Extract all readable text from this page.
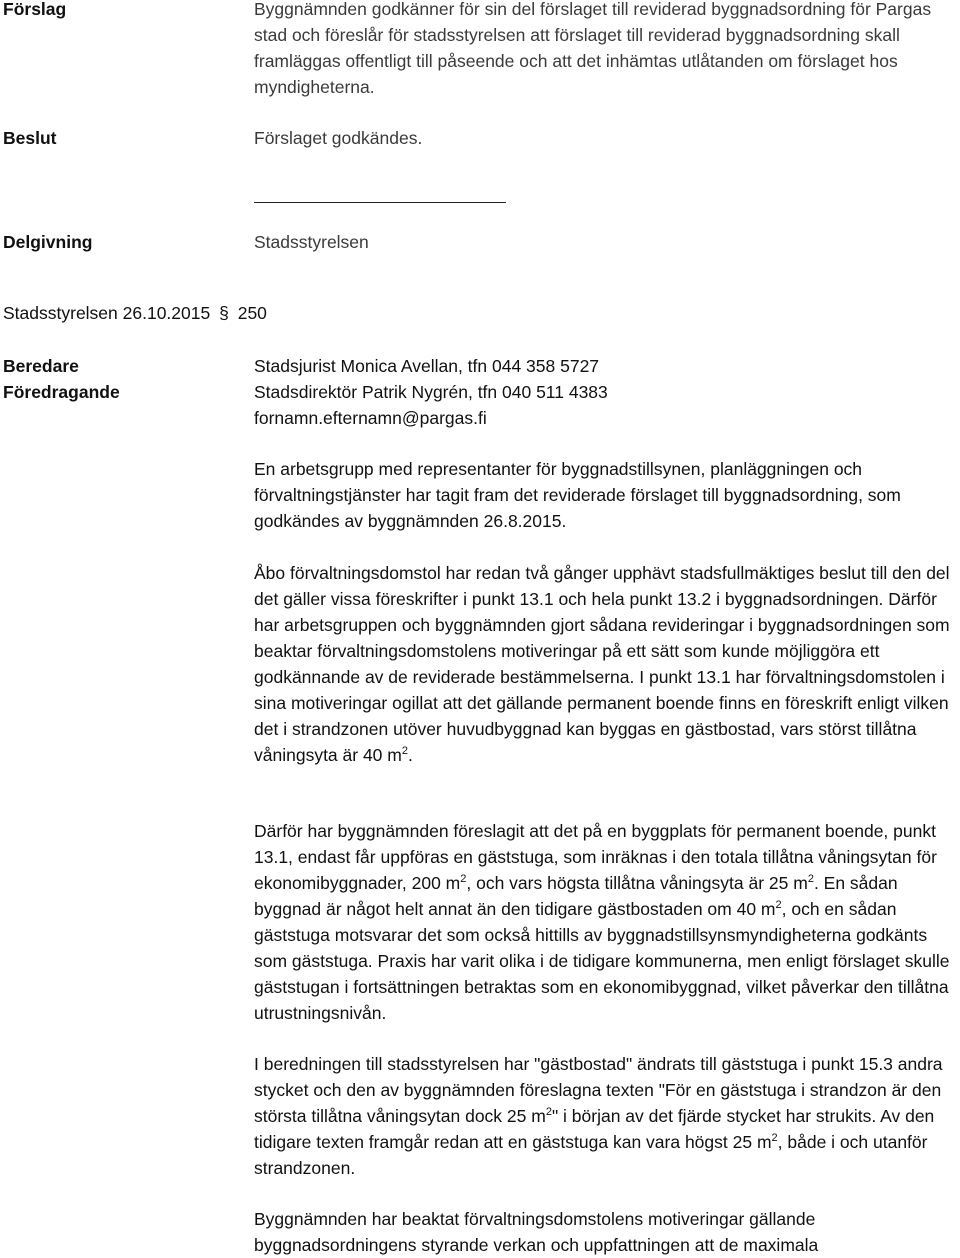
Förslag	Byggnämnden godkänner för sin del förslaget till reviderad byggnadsordning för Pargas stad och föreslår för stadsstyrelsen att förslaget till reviderad byggnadsordning skall framläggas offentligt till påseende och att det inhämtas utlåtanden om förslaget hos myndigheterna.
Beslut	Förslaget godkändes.
Delgivning	Stadsstyrelsen
Stadsstyrelsen 26.10.2015 § 250
Beredare	Stadsjurist Monica Avellan, tfn 044 358 5727
Föredragande	Stadsdirektör Patrik Nygrén, tfn 040 511 4383
fornamn.efternamn@pargas.fi
En arbetsgrupp med representanter för byggnadstillsynen, planläggningen och förvaltningstjänster har tagit fram det reviderade förslaget till byggnadsordning, som godkändes av byggnämnden 26.8.2015.
Åbo förvaltningsdomstol har redan två gånger upphävt stadsfullmäktiges beslut till den del det gäller vissa föreskrifter i punkt 13.1 och hela punkt 13.2 i byggnadsordningen. Därför har arbetsgruppen och byggnämnden gjort sådana revideringar i byggnadsordningen som beaktar förvaltningsdomstolens motiveringar på ett sätt som kunde möjliggöra ett godkännande av de reviderade bestämmelserna. I punkt 13.1 har förvaltningsdomstolen i sina motiveringar ogillat att det gällande permanent boende finns en föreskrift enligt vilken det i strandzonen utöver huvudbyggnad kan byggas en gästbostad, vars störst tillåtna våningsyta är 40 $m^2$.
Därför har byggnämnden föreslagit att det på en byggplats för permanent boende, punkt 13.1, endast får uppföras en gäststuga, som inräknas i den totala tillåtna våningsytan för ekonomibyggnader, 200 $m^2$, och vars högsta tillåtna våningsyta är 25 $m^2$. En sådan byggnad är något helt annat än den tidigare gästbostaden om 40 $m^2$, och en sådan gäststuga motsvarar det som också hittills av byggnadstillsynsmyndigheterna godkänts som gäststuga. Praxis har varit olika i de tidigare kommunerna, men enligt förslaget skulle gäststugan i fortsättningen betraktas som en ekonomibyggnad, vilket påverkar den tillåtna utrustningsnivån.
I beredningen till stadsstyrelsen har "gästbostad" ändrats till gäststuga i punkt 15.3 andra stycket och den av byggnämnden föreslagna texten "För en gäststuga i strandzon är den största tillåtna våningsytan dock 25 $m^2$" i början av det fjärde stycket har strukits. Av den tidigare texten framgår redan att en gäststuga kan vara högst 25 $m^2$, både i och utanför strandzonen.
Byggnämnden har beaktat förvaltningsdomstolens motiveringar gällande byggnadsordningens styrande verkan och uppfattningen att de maximala
